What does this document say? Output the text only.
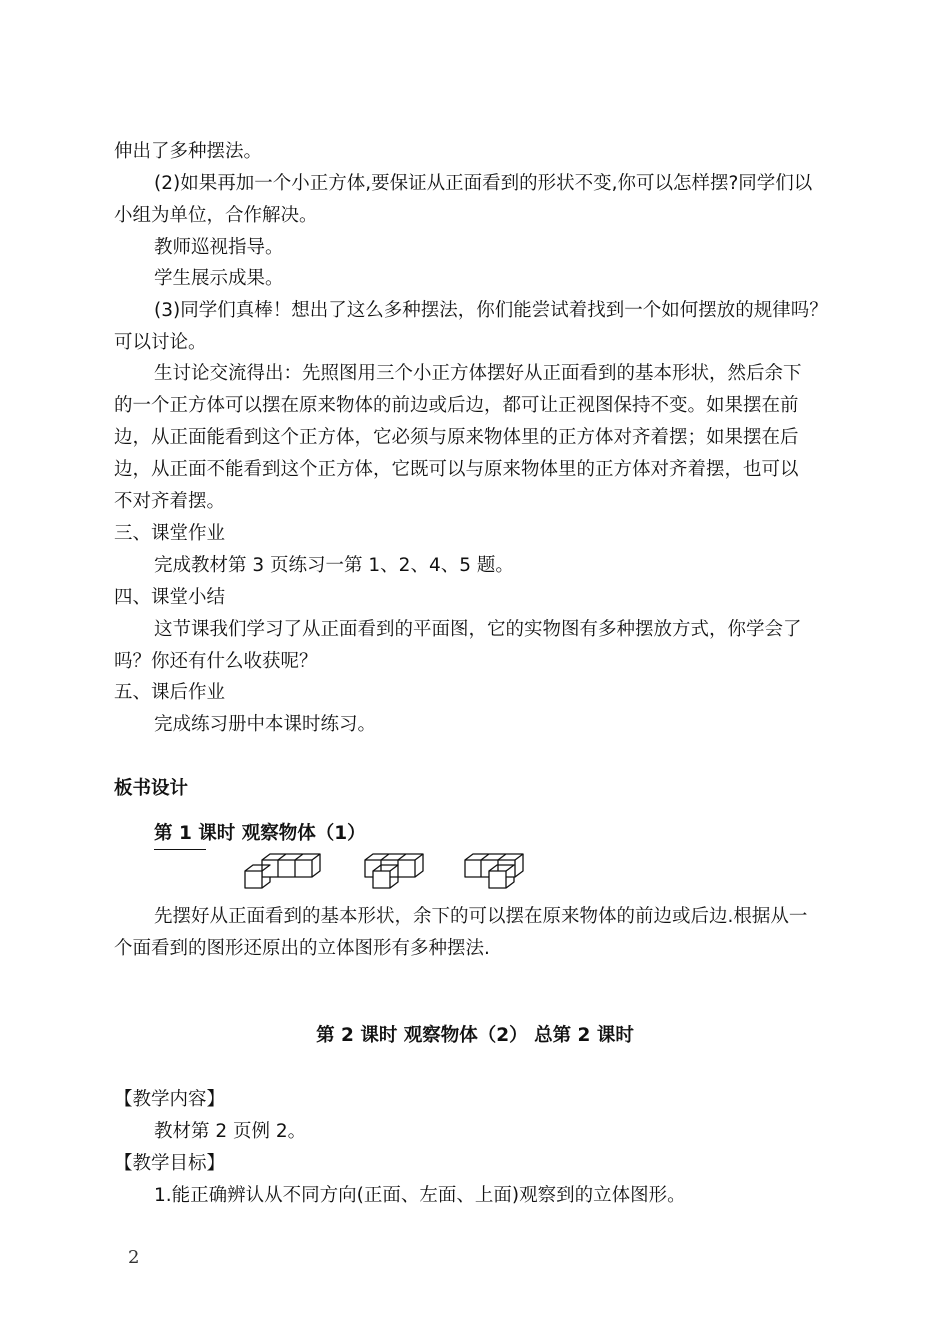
伸出了多种摆法。
(2)如果再加一个小正方体,要保证从正面看到的形状不变,你可以怎样摆?同学们以
小组为单位，合作解决。
教师巡视指导。
学生展示成果。
(3)同学们真棒！想出了这么多种摆法，你们能尝试着找到一个如何摆放的规律吗？
可以讨论。
生讨论交流得出：先照图用三个小正方体摆好从正面看到的基本形状，然后余下
的一个正方体可以摆在原来物体的前边或后边，都可让正视图保持不变。如果摆在前
边，从正面能看到这个正方体，它必须与原来物体里的正方体对齐着摆；如果摆在后
边，从正面不能看到这个正方体，它既可以与原来物体里的正方体对齐着摆，也可以
不对齐着摆。
三、课堂作业
完成教材第 3 页练习一第 1、2、4、5 题。
四、课堂小结
这节课我们学习了从正面看到的平面图，它的实物图有多种摆放方式，你学会了
吗？你还有什么收获呢？
五、课后作业
完成练习册中本课时练习。
板书设计
第 1 课时 观察物体（1）
先摆好从正面看到的基本形状，余下的可以摆在原来物体的前边或后边.根据从一
个面看到的图形还原出的立体图形有多种摆法.
第 2 课时 观察物体（2） 总第 2 课时
【教学内容】
教材第 2 页例 2。
【教学目标】
1.能正确辨认从不同方向(正面、左面、上面)观察到的立体图形。
2
